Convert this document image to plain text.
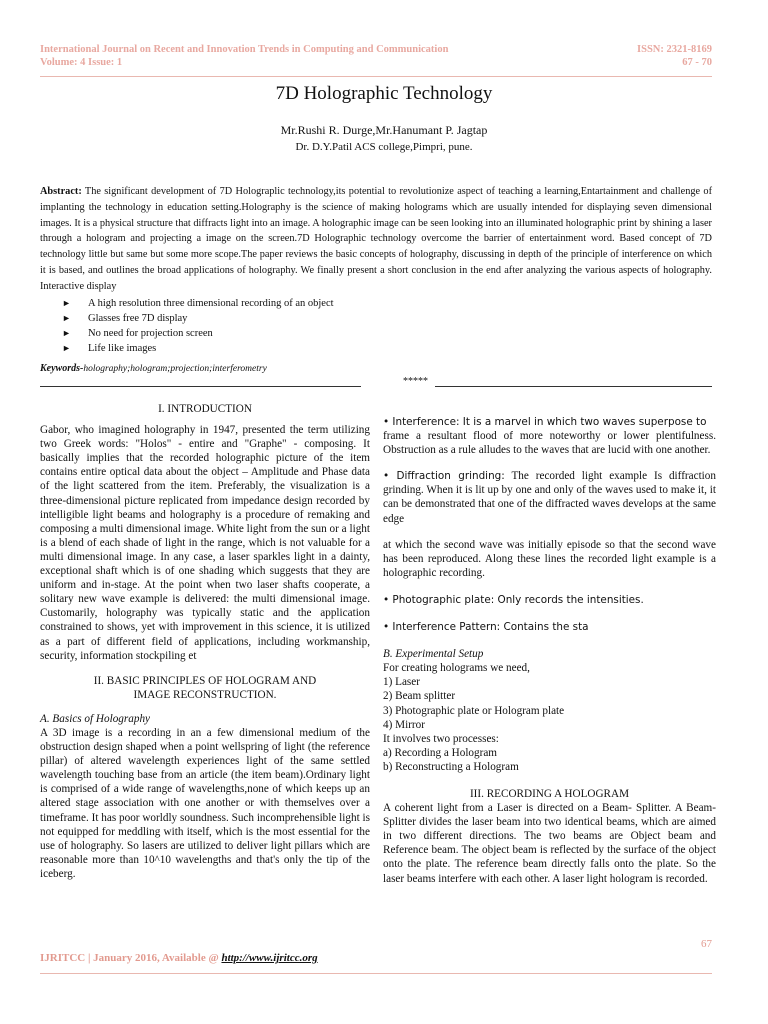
International Journal on Recent and Innovation Trends in Computing and Communication	ISSN: 2321-8169
Volume: 4 Issue: 1	67 - 70
7D Holographic Technology
Mr.Rushi R. Durge,Mr.Hanumant P. Jagtap
Dr. D.Y.Patil ACS college,Pimpri, pune.
Abstract: The significant development of 7D Holograplic technology,its potential to revolutionize aspect of teaching a learning,Entartainment and challenge of implanting the technology in education setting.Holography is the science of making holograms which are usually intended for displaying seven dimensional images. It is a physical structure that diffracts light into an image. A holographic image can be seen looking into an illuminated holographic print by shining a laser through a hologram and projecting a image on the screen.7D Holographic technology overcome the barrier of entertainment word. Based concept of 7D technology little but same but some more scope.The paper reviews the basic concepts of holography, discussing in depth of the principle of interference on which it is based, and outlines the broad applications of holography. We finally present a short conclusion in the end after analyzing the various aspects of holography. Interactive display
► A high resolution three dimensional recording of an object
► Glasses free 7D display
► No need for projection screen
► Life like images
Keywords-holography;hologram;projection;interferometry
*****

I. INTRODUCTION

Gabor, who imagined holography in 1947, presented the term utilizing two Greek words: "Holos" - entire and "Graphe" - composing. It basically implies that the recorded holographic picture of the item contains entire optical data about the object – Amplitude and Phase data of the light scattered from the item. Preferably, the visualization is a three-dimensional picture replicated from impedance design recorded by intelligible light beams and holography is a procedure of remaking and composing a multi dimensional image. White light from the sun or a light is a blend of each shade of light in the range, which is not valuable for a multi dimensional image. In any case, a laser sparkles light in a dainty, exceptional shaft which is of one shading which suggests that they are uniform and in-stage. At the point when two laser shafts cooperate, a solitary new wave example is delivered: the multi dimensional image. Customarily, holography was typically static and the application constrained to shows, yet with improvement in this science, it is utilized as a part of different field of applications, including workmanship, security, information stockpiling et

II. BASIC PRINCIPLES OF HOLOGRAM AND
IMAGE RECONSTRUCTION.

A. Basics of Holography

A 3D image is a recording in an a few dimensional medium of the obstruction design shaped when a point wellspring of light (the reference pillar) of altered wavelength experiences light of the same settled wavelength touching base from an article (the item beam).Ordinary light is comprised of a wide range of wavelengths,none of which keeps up an altered stage association with one another or with themselves over a timeframe. It has poor worldly soundness. Such incomprehensible light is not equipped for meddling with itself, which is the most essential for the use of holography. So lasers are utilized to deliver light pillars which are reasonable more than 10^10 wavelengths and that's only the tip of the iceberg.

• Interference: It is a marvel in which two waves superpose to

frame a resultant flood of more noteworthy or lower plentifulness. Obstruction as a rule alludes to the waves that are lucid with one another.

• Diffraction grinding: The recorded light example Is diffraction grinding. When it is lit up by one and only of the waves used to make it, it can be demonstrated that one of the diffracted waves develops at the same edge

at which the second wave was initially episode so that the second wave has been reproduced. Along these lines the recorded light example is a holographic recording.

• Photographic plate: Only records the intensities.

• Interference Pattern: Contains the sta

B. Experimental Setup

For creating holograms we need,

1) Laser

2) Beam splitter

3) Photographic plate or Hologram plate

4) Mirror

It involves two processes:

a) Recording a Hologram

b) Reconstructing a Hologram

III. RECORDING A HOLOGRAM

A coherent light from a Laser is directed on a Beam- Splitter. A Beam-Splitter divides the laser beam into two identical beams, which are aimed in two different directions. The two beams are Object beam and Reference beam. The object beam is reflected by the surface of the object onto the plate. The reference beam directly falls onto the plate. So the laser beams interfere with each other. A laser light hologram is recorded.

67
IJRITCC | January 2016, Available @ http://www.ijritcc.org
